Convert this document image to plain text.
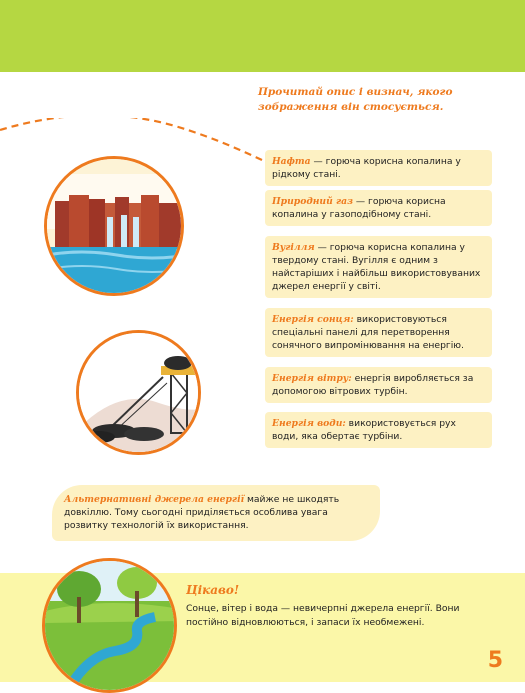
Прочитай опис і визнач, якого
зображення він стосується.
Нафта — горюча корисна копалина у рідкому стані.
Природний газ — горюча корисна копалина у газоподібному стані.
Вугілля — горюча корисна копалина у твердому стані. Вугілля є одним з найстаріших і найбільш використовуваних джерел енергії у світі.
Енергія сонця: використовуються спеціальні панелі для перетворення сонячного випромінювання на енергію.
Енергія вітру: енергія виробляється за допомогою вітрових турбін.
Енергія води: використовується рух води, яка обертає турбіни.
Альтернативні джерела енергії майже не шкодять довкіллю. Тому сьогодні приділяється особлива увага розвитку технологій їх використання.
Цікаво!
Сонце, вітер і вода — невичерпні джерела енергії. Вони постійно відновлюються, і запаси їх необмежені.
5
